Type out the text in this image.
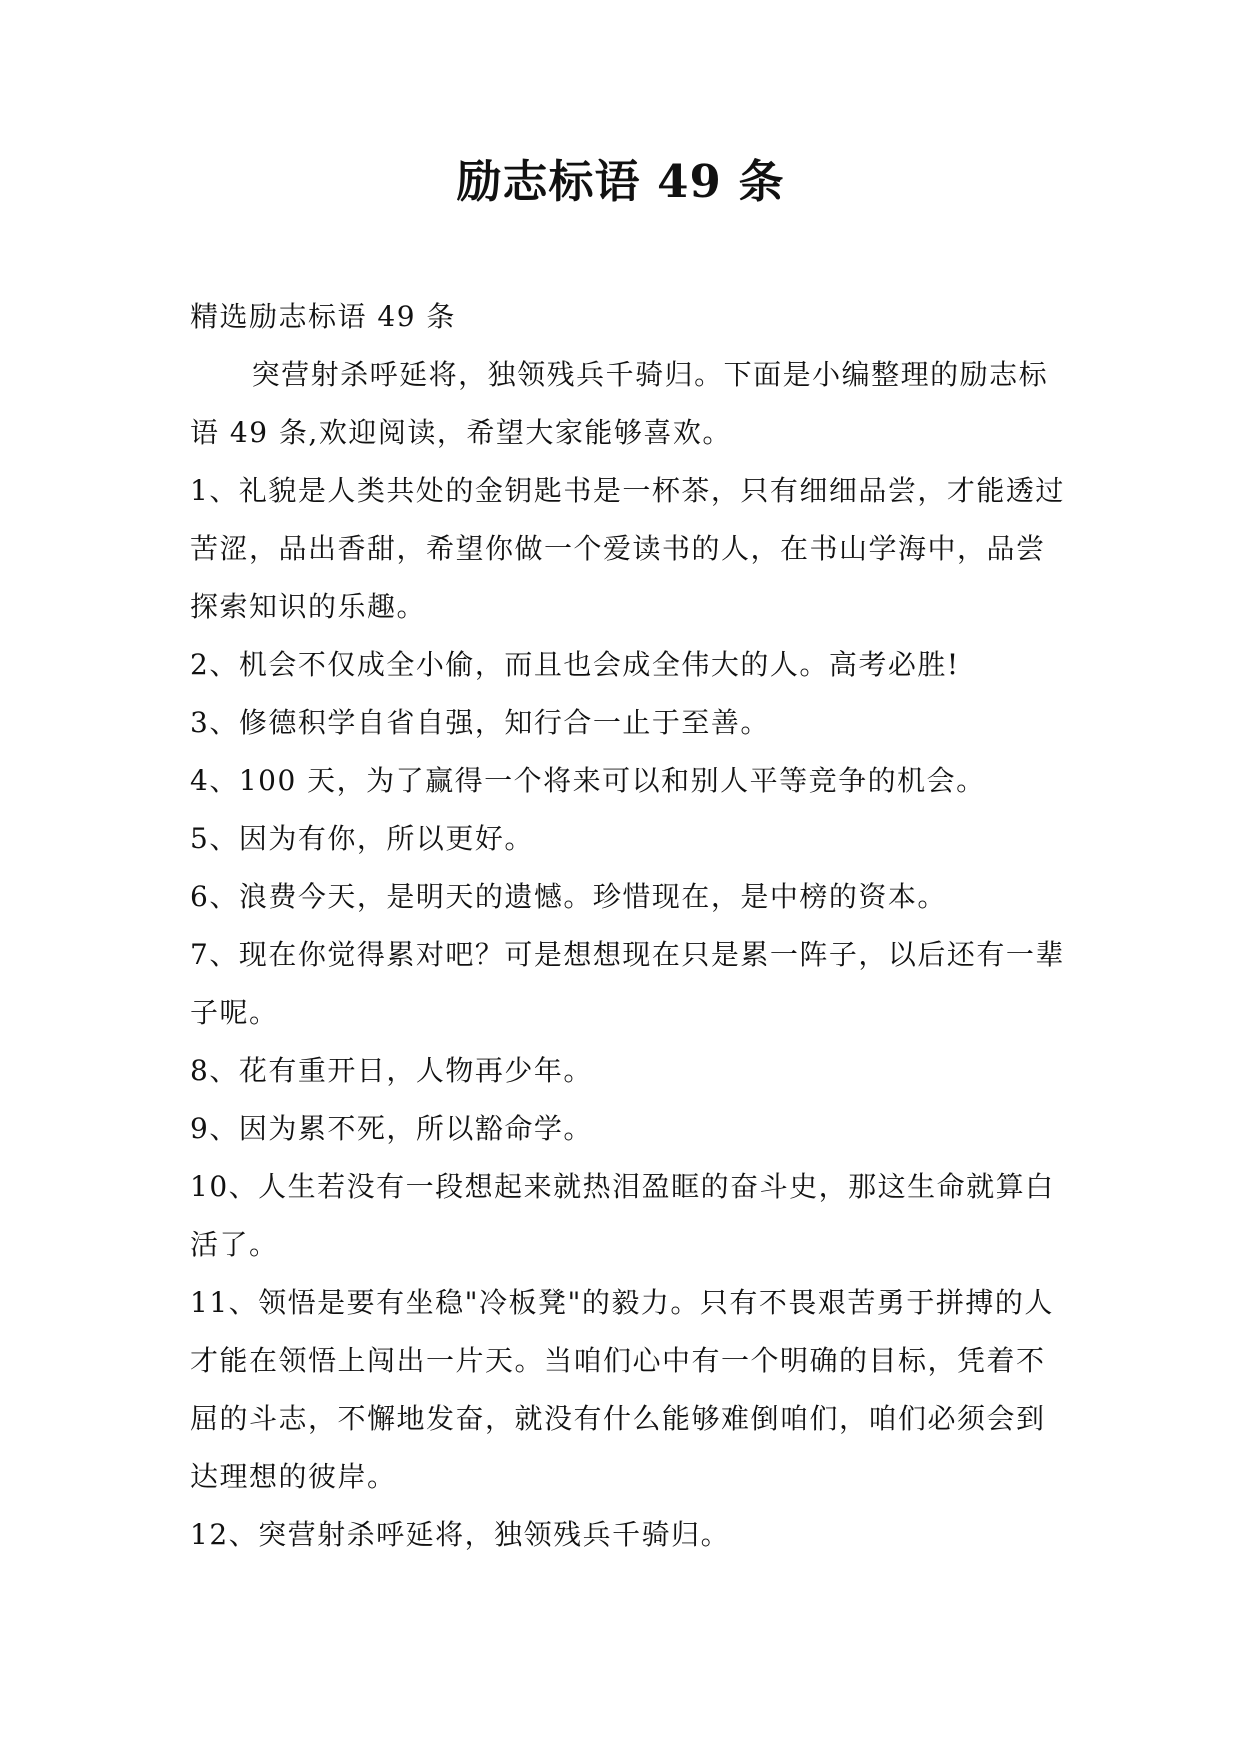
励志标语 49 条

精选励志标语 49 条

突营射杀呼延将，独领残兵千骑归。下面是小编整理的励志标语 49 条,欢迎阅读，希望大家能够喜欢。

1、礼貌是人类共处的金钥匙书是一杯茶，只有细细品尝，才能透过苦涩，品出香甜，希望你做一个爱读书的人，在书山学海中，品尝探索知识的乐趣。

2、机会不仅成全小偷，而且也会成全伟大的人。高考必胜!

3、修德积学自省自强，知行合一止于至善。

4、100 天，为了赢得一个将来可以和别人平等竞争的机会。

5、因为有你，所以更好。

6、浪费今天，是明天的遗憾。珍惜现在，是中榜的资本。

7、现在你觉得累对吧？可是想想现在只是累一阵子，以后还有一辈子呢。

8、花有重开日，人物再少年。

9、因为累不死，所以豁命学。

10、人生若没有一段想起来就热泪盈眶的奋斗史，那这生命就算白活了。

11、领悟是要有坐稳"冷板凳"的毅力。只有不畏艰苦勇于拼搏的人才能在领悟上闯出一片天。当咱们心中有一个明确的目标，凭着不屈的斗志，不懈地发奋，就没有什么能够难倒咱们，咱们必须会到达理想的彼岸。

12、突营射杀呼延将，独领残兵千骑归。
